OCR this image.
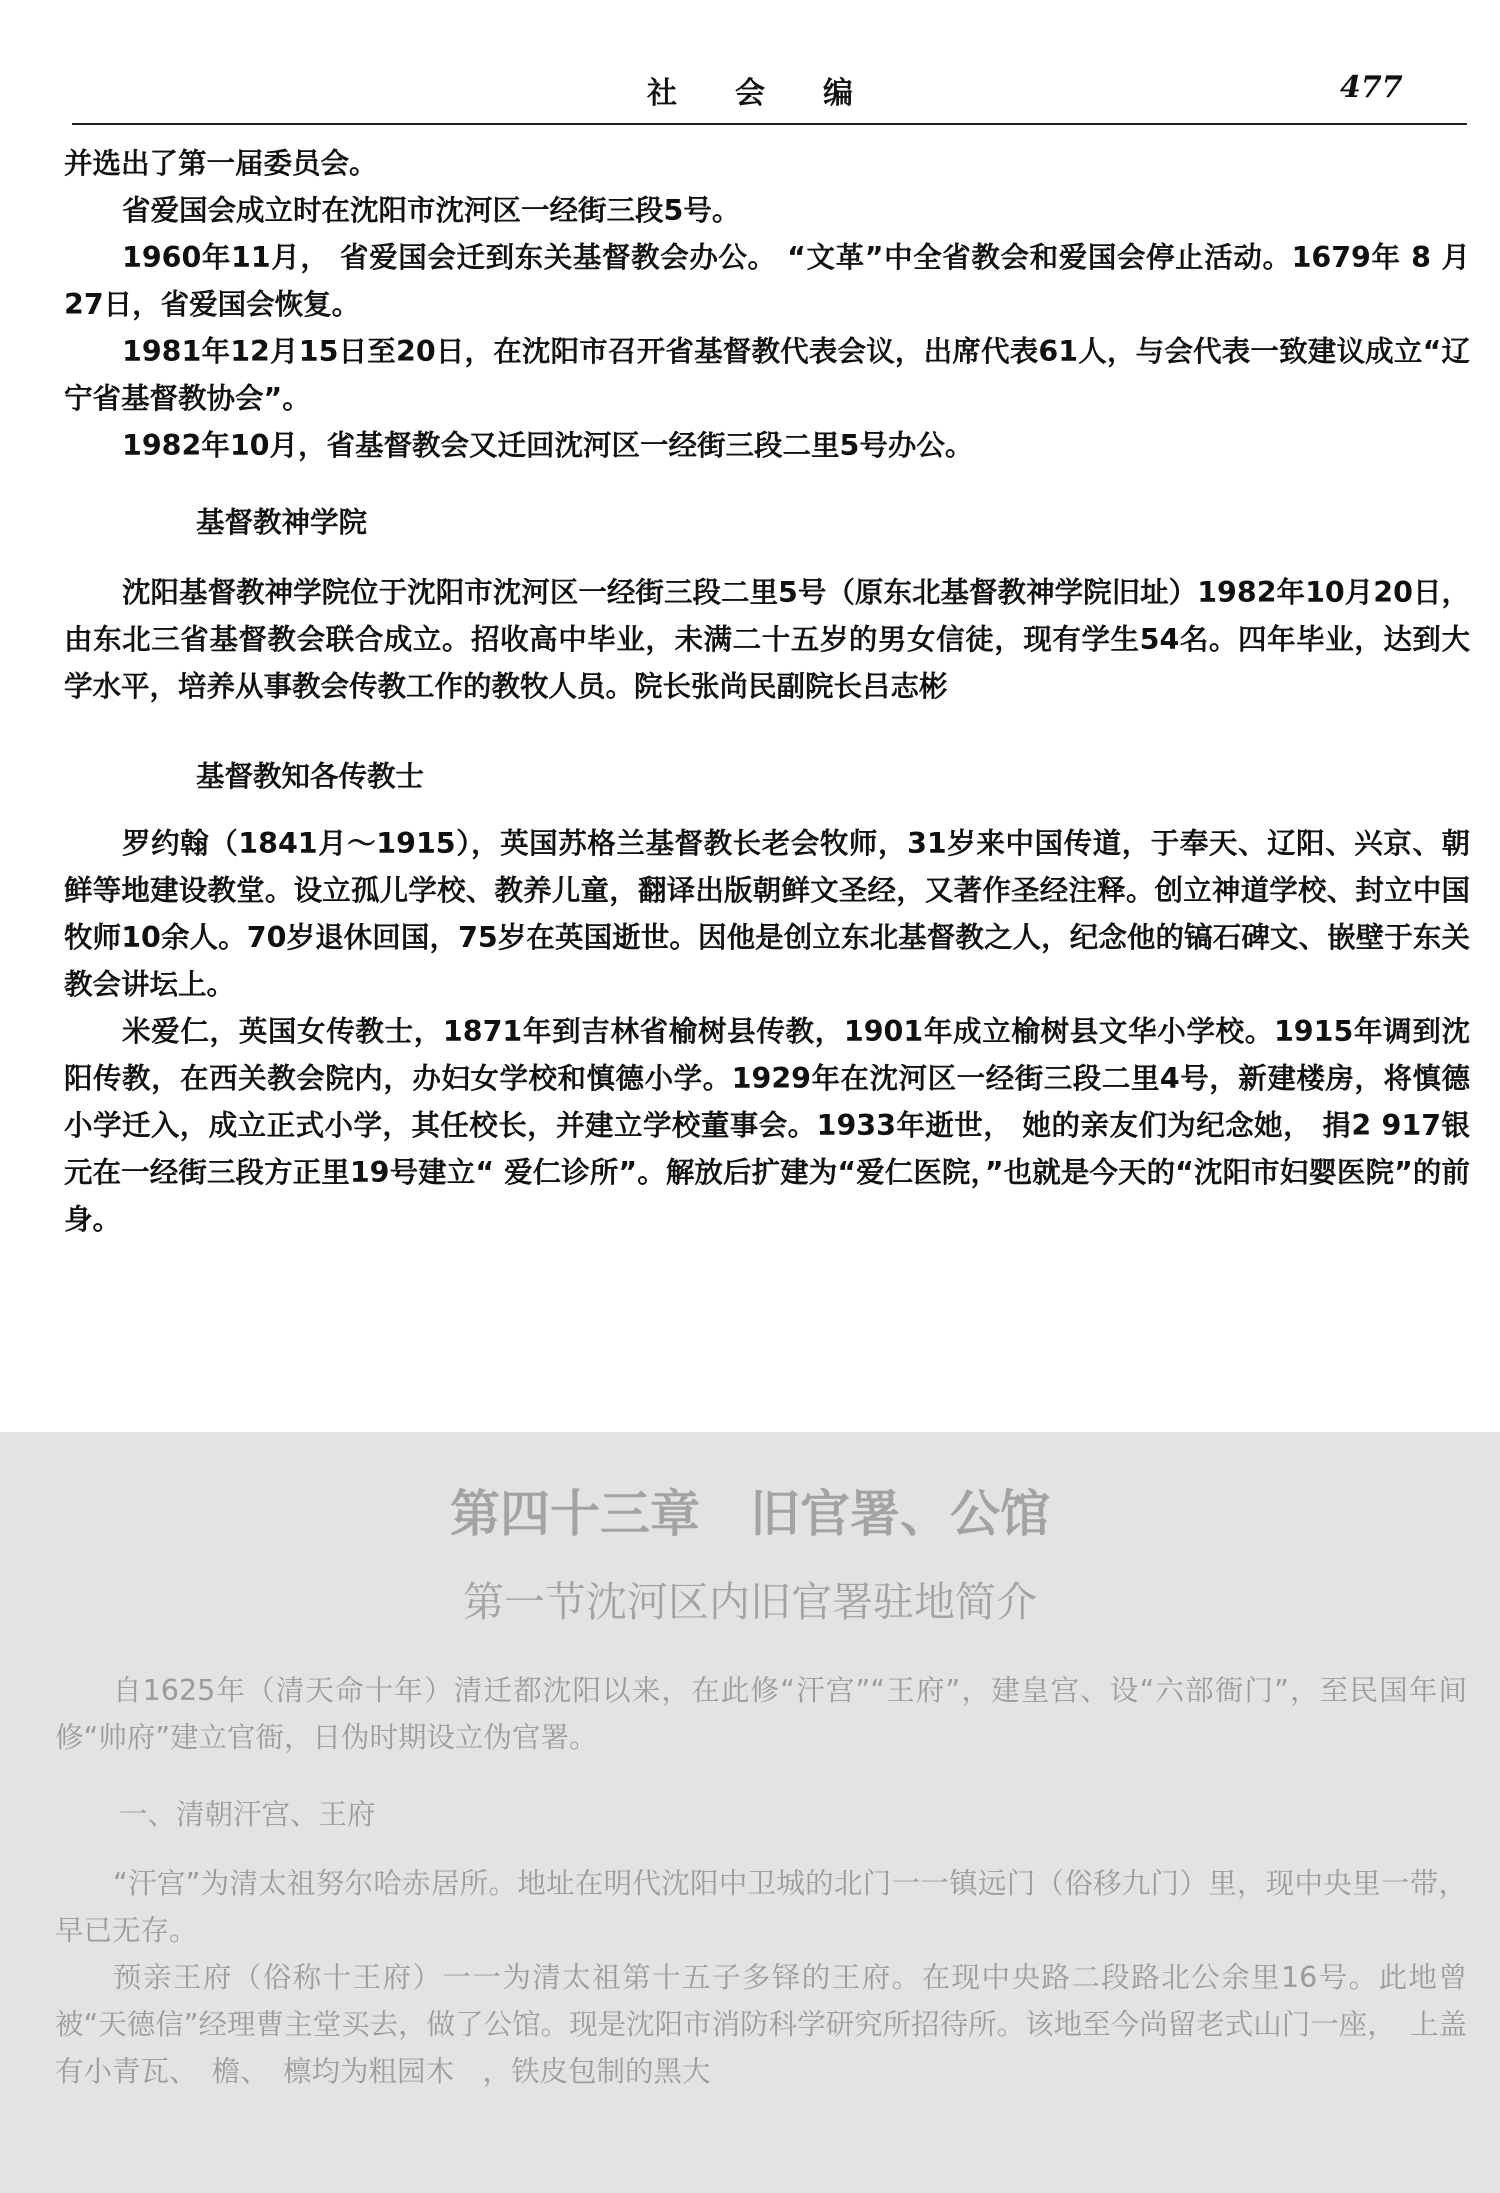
社会编	477

并选出了第一届委员会。

省爱国会成立时在沈阳市沈河区一经街三段5号。

1960年11月， 省爱国会迁到东关基督教会办公。 “文革”中全省教会和爱国会停止活动。1679年 8 月27日，省爱国会恢复。

1981年12月15日至20日，在沈阳市召开省基督教代表会议，出席代表61人，与会代表一致建议成立“辽宁省基督教协会”。

1982年10月，省基督教会又迁回沈河区一经街三段二里5号办公。

基督教神学院

沈阳基督教神学院位于沈阳市沈河区一经街三段二里5号（原东北基督教神学院旧址）1982年10月20日，由东北三省基督教会联合成立。招收高中毕业，未满二十五岁的男女信徒，现有学生54名。四年毕业，达到大学水平，培养从事教会传教工作的教牧人员。院长张尚民副院长吕志彬

基督教知各传教士

罗约翰（1841月～1915），英国苏格兰基督教长老会牧师，31岁来中国传道，于奉天、辽阳、兴京、朝鲜等地建设教堂。设立孤儿学校、教养儿童，翻译出版朝鲜文圣经，又著作圣经注释。创立神道学校、封立中国牧师10余人。70岁退休回国，75岁在英国逝世。因他是创立东北基督教之人，纪念他的镐石碑文、嵌壁于东关教会讲坛上。

米爱仁，英国女传教士，1871年到吉林省榆树县传教，1901年成立榆树县文华小学校。1915年调到沈阳传教，在西关教会院内，办妇女学校和慎德小学。1929年在沈河区一经街三段二里4号，新建楼房，将慎德小学迁入，成立正式小学，其任校长，并建立学校董事会。1933年逝世， 她的亲友们为纪念她， 捐2 917银元在一经街三段方正里19号建立“ 爱仁诊所”。解放后扩建为“爱仁医院，”也就是今天的“沈阳市妇婴医院”的前身。

第四十三章　旧官署、公馆
第一节沈河区内旧官署驻地简介

自1625年（清天命十年）清迁都沈阳以来，在此修“汗宫”“王府”，建皇宫、设“六部衙门”，至民国年间修“帅府”建立官衙，日伪时期设立伪官署。

一、清朝汗宫、王府

“汗宫”为清太祖努尔哈赤居所。地址在明代沈阳中卫城的北门一一镇远门（俗移九门）里，现中央里一带，早已无存。

预亲王府（俗称十王府）一一为清太祖第十五子多铎的王府。在现中央路二段路北公余里16号。此地曾被“天德信”经理曹主堂买去，做了公馆。现是沈阳市消防科学研究所招待所。该地至今尚留老式山门一座，　上盖有小青瓦、　檐、　檩均为粗园木　，铁皮包制的黑大
